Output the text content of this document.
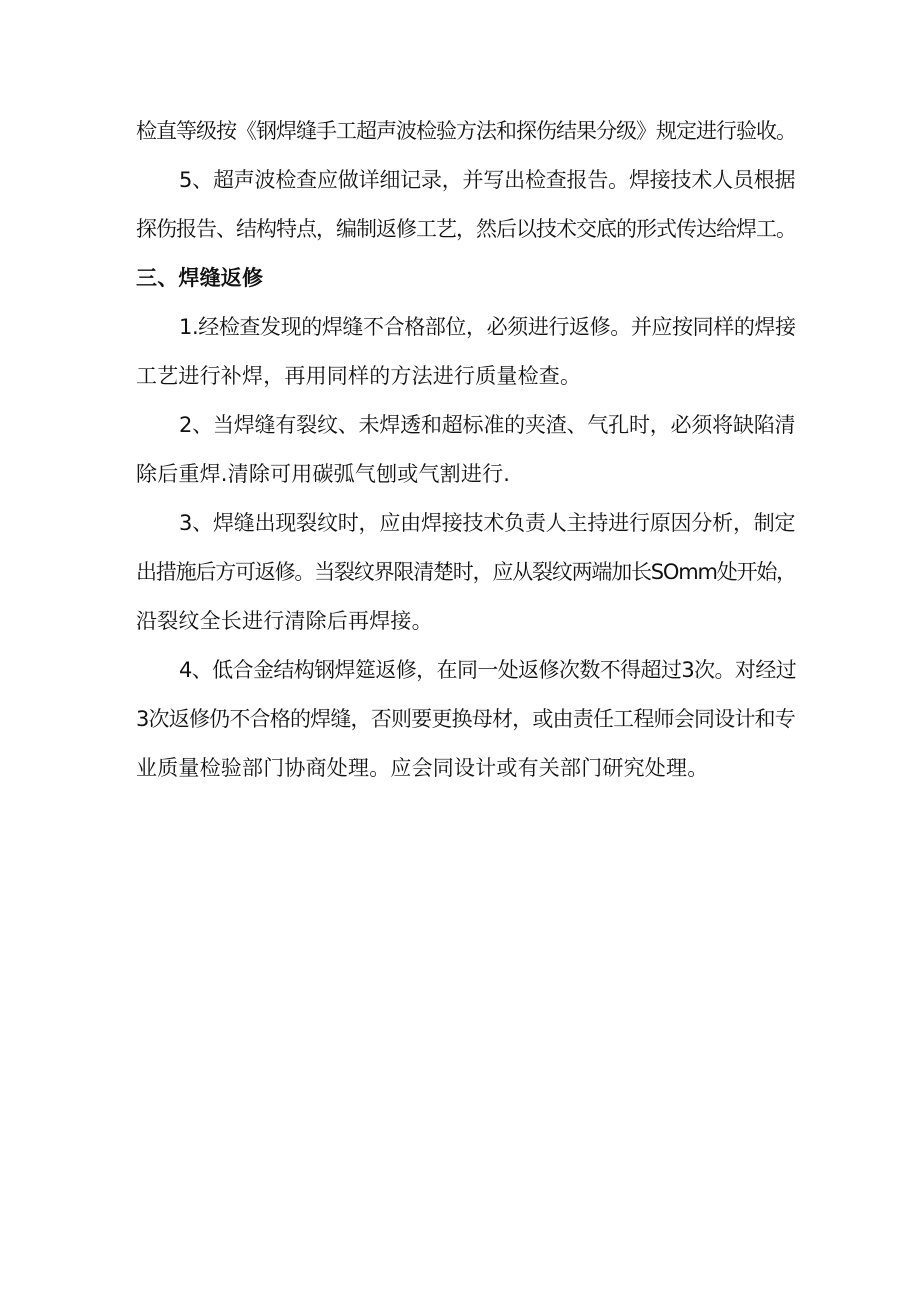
检直等级按《钢焊缝手工超声波检验方法和探伤结果分级》规定进行验收。
5、超声波检查应做详细记录，并写出检查报告。焊接技术人员根据
探伤报告、结构特点，编制返修工艺，然后以技术交底的形式传达给焊工。
三、焊缝返修
1.经检查发现的焊缝不合格部位，必须进行返修。并应按同样的焊接
工艺进行补焊，再用同样的方法进行质量检查。
2、当焊缝有裂纹、未焊透和超标准的夹渣、气孔时，必须将缺陷清
除后重焊.清除可用碳弧气刨或气割进行.
3、焊缝出现裂纹时，应由焊接技术负责人主持进行原因分析，制定
出措施后方可返修。当裂纹界限清楚时，应从裂纹两端加长SOmm处开始，
沿裂纹全长进行清除后再焊接。
4、低合金结构钢焊筵返修，在同一处返修次数不得超过3次。对经过
3次返修仍不合格的焊缝，否则要更换母材，或由责任工程师会同设计和专
业质量检验部门协商处理。应会同设计或有关部门研究处理。
